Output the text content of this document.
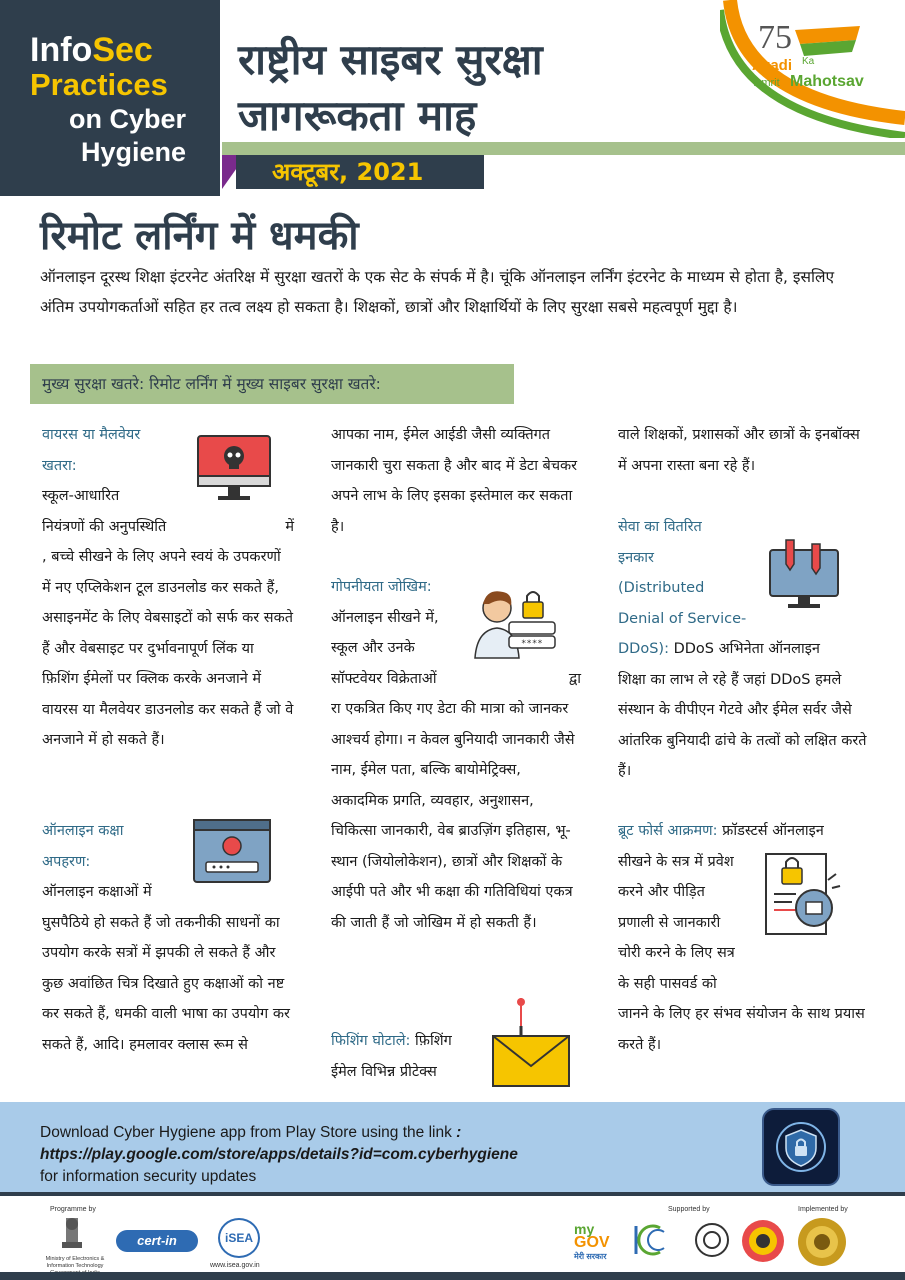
InfoSec
Practices
on Cyber
Hygiene
राष्ट्रीय साइबर सुरक्षा
जागरूकता माह
अक्टूबर, 2021
75
Azadi Ka
Amrit Mahotsav
रिमोट लर्निंग में धमकी
ऑनलाइन दूरस्थ शिक्षा इंटरनेट अंतरिक्ष में सुरक्षा खतरों के एक सेट के संपर्क में है। चूंकि ऑनलाइन लर्निंग इंटरनेट के माध्यम से होता है, इसलिए अंतिम उपयोगकर्ताओं सहित हर तत्व लक्ष्य हो सकता है। शिक्षकों, छात्रों और शिक्षार्थियों के लिए सुरक्षा सबसे महत्वपूर्ण मुद्दा है।
मुख्य सुरक्षा खतरे: रिमोट लर्निंग में मुख्य साइबर सुरक्षा खतरे:
वायरस या मैलवेयर
खतरा:
स्कूल-आधारित
नियंत्रणों की अनुपस्थिति	में
, बच्चे सीखने के लिए अपने स्वयं के उपकरणों में नए एप्लिकेशन टूल डाउनलोड कर सकते हैं, असाइनमेंट के लिए वेबसाइटों को सर्फ कर सकते हैं और वेबसाइट पर दुर्भावनापूर्ण लिंक या फ़िशिंग ईमेलों पर क्लिक करके अनजाने में वायरस या मैलवेयर डाउनलोड कर सकते हैं जो वे अनजाने में हो सकते हैं।
ऑनलाइन कक्षा
अपहरण:
ऑनलाइन कक्षाओं में
घुसपैठिये हो सकते हैं जो तकनीकी साधनों का उपयोग करके सत्रों में झपकी ले सकते हैं और कुछ अवांछित चित्र दिखाते हुए कक्षाओं को नष्ट कर सकते हैं, धमकी वाली भाषा का उपयोग कर सकते हैं, आदि। हमलावर क्लास रूम से
आपका नाम, ईमेल आईडी जैसी व्यक्तिगत जानकारी चुरा सकता है और बाद में डेटा बेचकर अपने लाभ के लिए इसका इस्तेमाल कर सकता है।
गोपनीयता जोखिम:
ऑनलाइन सीखने में,
स्कूल और उनके
सॉफ्टवेयर विक्रेताओं	द्वा
रा एकत्रित किए गए डेटा की मात्रा को जानकर आश्चर्य होगा। न केवल बुनियादी जानकारी जैसे नाम, ईमेल पता, बल्कि बायोमेट्रिक्स, अकादमिक प्रगति, व्यवहार, अनुशासन, चिकित्सा जानकारी, वेब ब्राउज़िंग इतिहास, भू-स्थान (जियोलोकेशन), छात्रों और शिक्षकों के आईपी पते और भी कक्षा की गतिविधियां एकत्र की जाती हैं जो जोखिम में हो सकती हैं।
****
फिशिंग घोटाले: फ़िशिंग
ईमेल विभिन्न प्रीटेक्स
वाले शिक्षकों, प्रशासकों और छात्रों के इनबॉक्स में अपना रास्ता बना रहे हैं।
सेवा का वितरित
इनकार
(Distributed
Denial of Service-
DDoS): DDoS अभिनेता ऑनलाइन
शिक्षा का लाभ ले रहे हैं जहां DDoS हमले संस्थान के वीपीएन गेटवे और ईमेल सर्वर जैसे आंतरिक बुनियादी ढांचे के तत्वों को लक्षित करते हैं।
ब्रूट फोर्स आक्रमण: फ्रॉडस्टर्स ऑनलाइन
सीखने के सत्र में प्रवेश
करने और पीड़ित
प्रणाली से जानकारी
चोरी करने के लिए सत्र
के सही पासवर्ड को
जानने के लिए हर संभव संयोजन के साथ प्रयास करते हैं।
Download Cyber Hygiene app from Play Store using the link :
https://play.google.com/store/apps/details?id=com.cyberhygiene
for information security updates
Programme by	Supported by	Implemented by
Ministry of Electronics & Information Technology
cert-in	iSEA
www.isea.gov.in
my
GOV
मेरी सरकार
